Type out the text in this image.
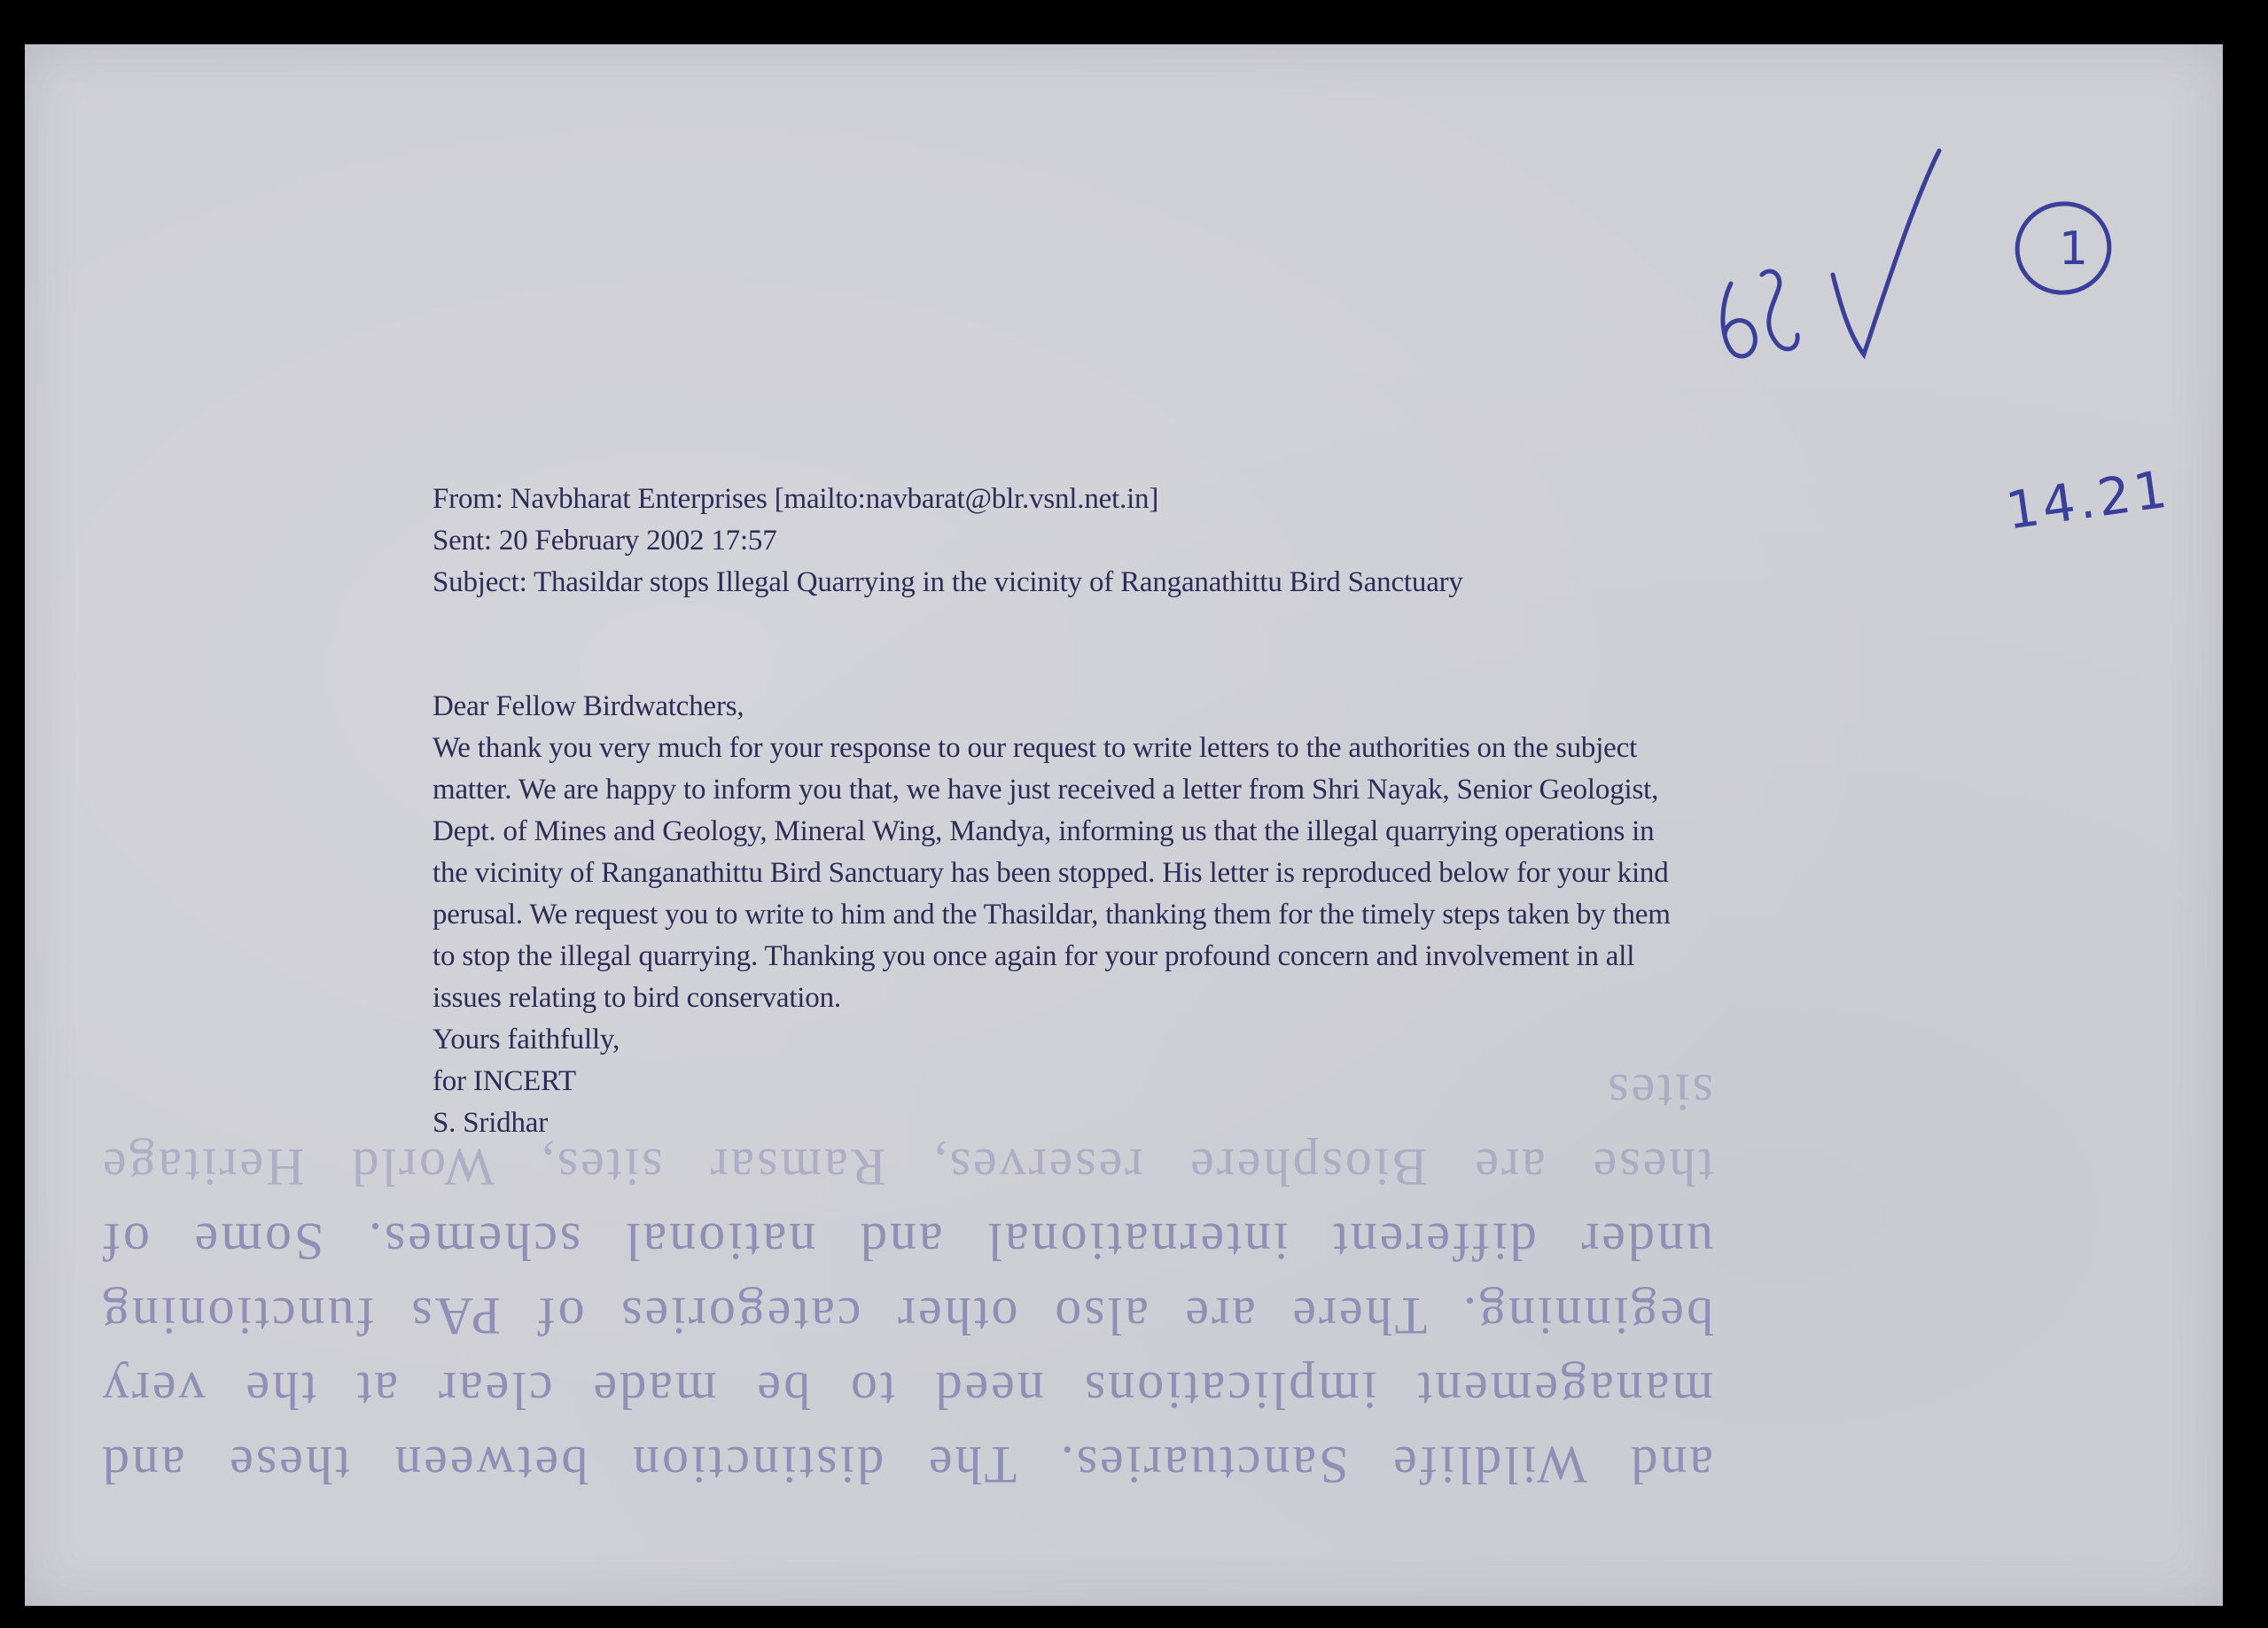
and Wildlife Sanctuaries. The distinction between these and
management implications need to be made clear at the very
beginning. There are also other categories of PAs functioning
under different international and national schemes. Some of
these are Biosphere reserves, Ramsar sites, World Heritage sites
From: Navbharat Enterprises [mailto:navbarat@blr.vsnl.net.in]
Sent: 20 February 2002 17:57
Subject: Thasildar stops Illegal Quarrying in the vicinity of Ranganathittu Bird Sanctuary
Dear Fellow Birdwatchers,
We thank you very much for your response to our request to write letters to the authorities on the subject
matter. We are happy to inform you that, we have just received a letter from Shri Nayak, Senior Geologist,
Dept. of Mines and Geology, Mineral Wing, Mandya, informing us that the illegal quarrying operations in
the vicinity of Ranganathittu Bird Sanctuary has been stopped. His letter is reproduced below for your kind
perusal. We request you to write to him and the Thasildar, thanking them for the timely steps taken by them
to stop the illegal quarrying. Thanking you once again for your profound concern and involvement in all
issues relating to bird conservation.
Yours faithfully,
for INCERT
S. Sridhar
1
14.21
